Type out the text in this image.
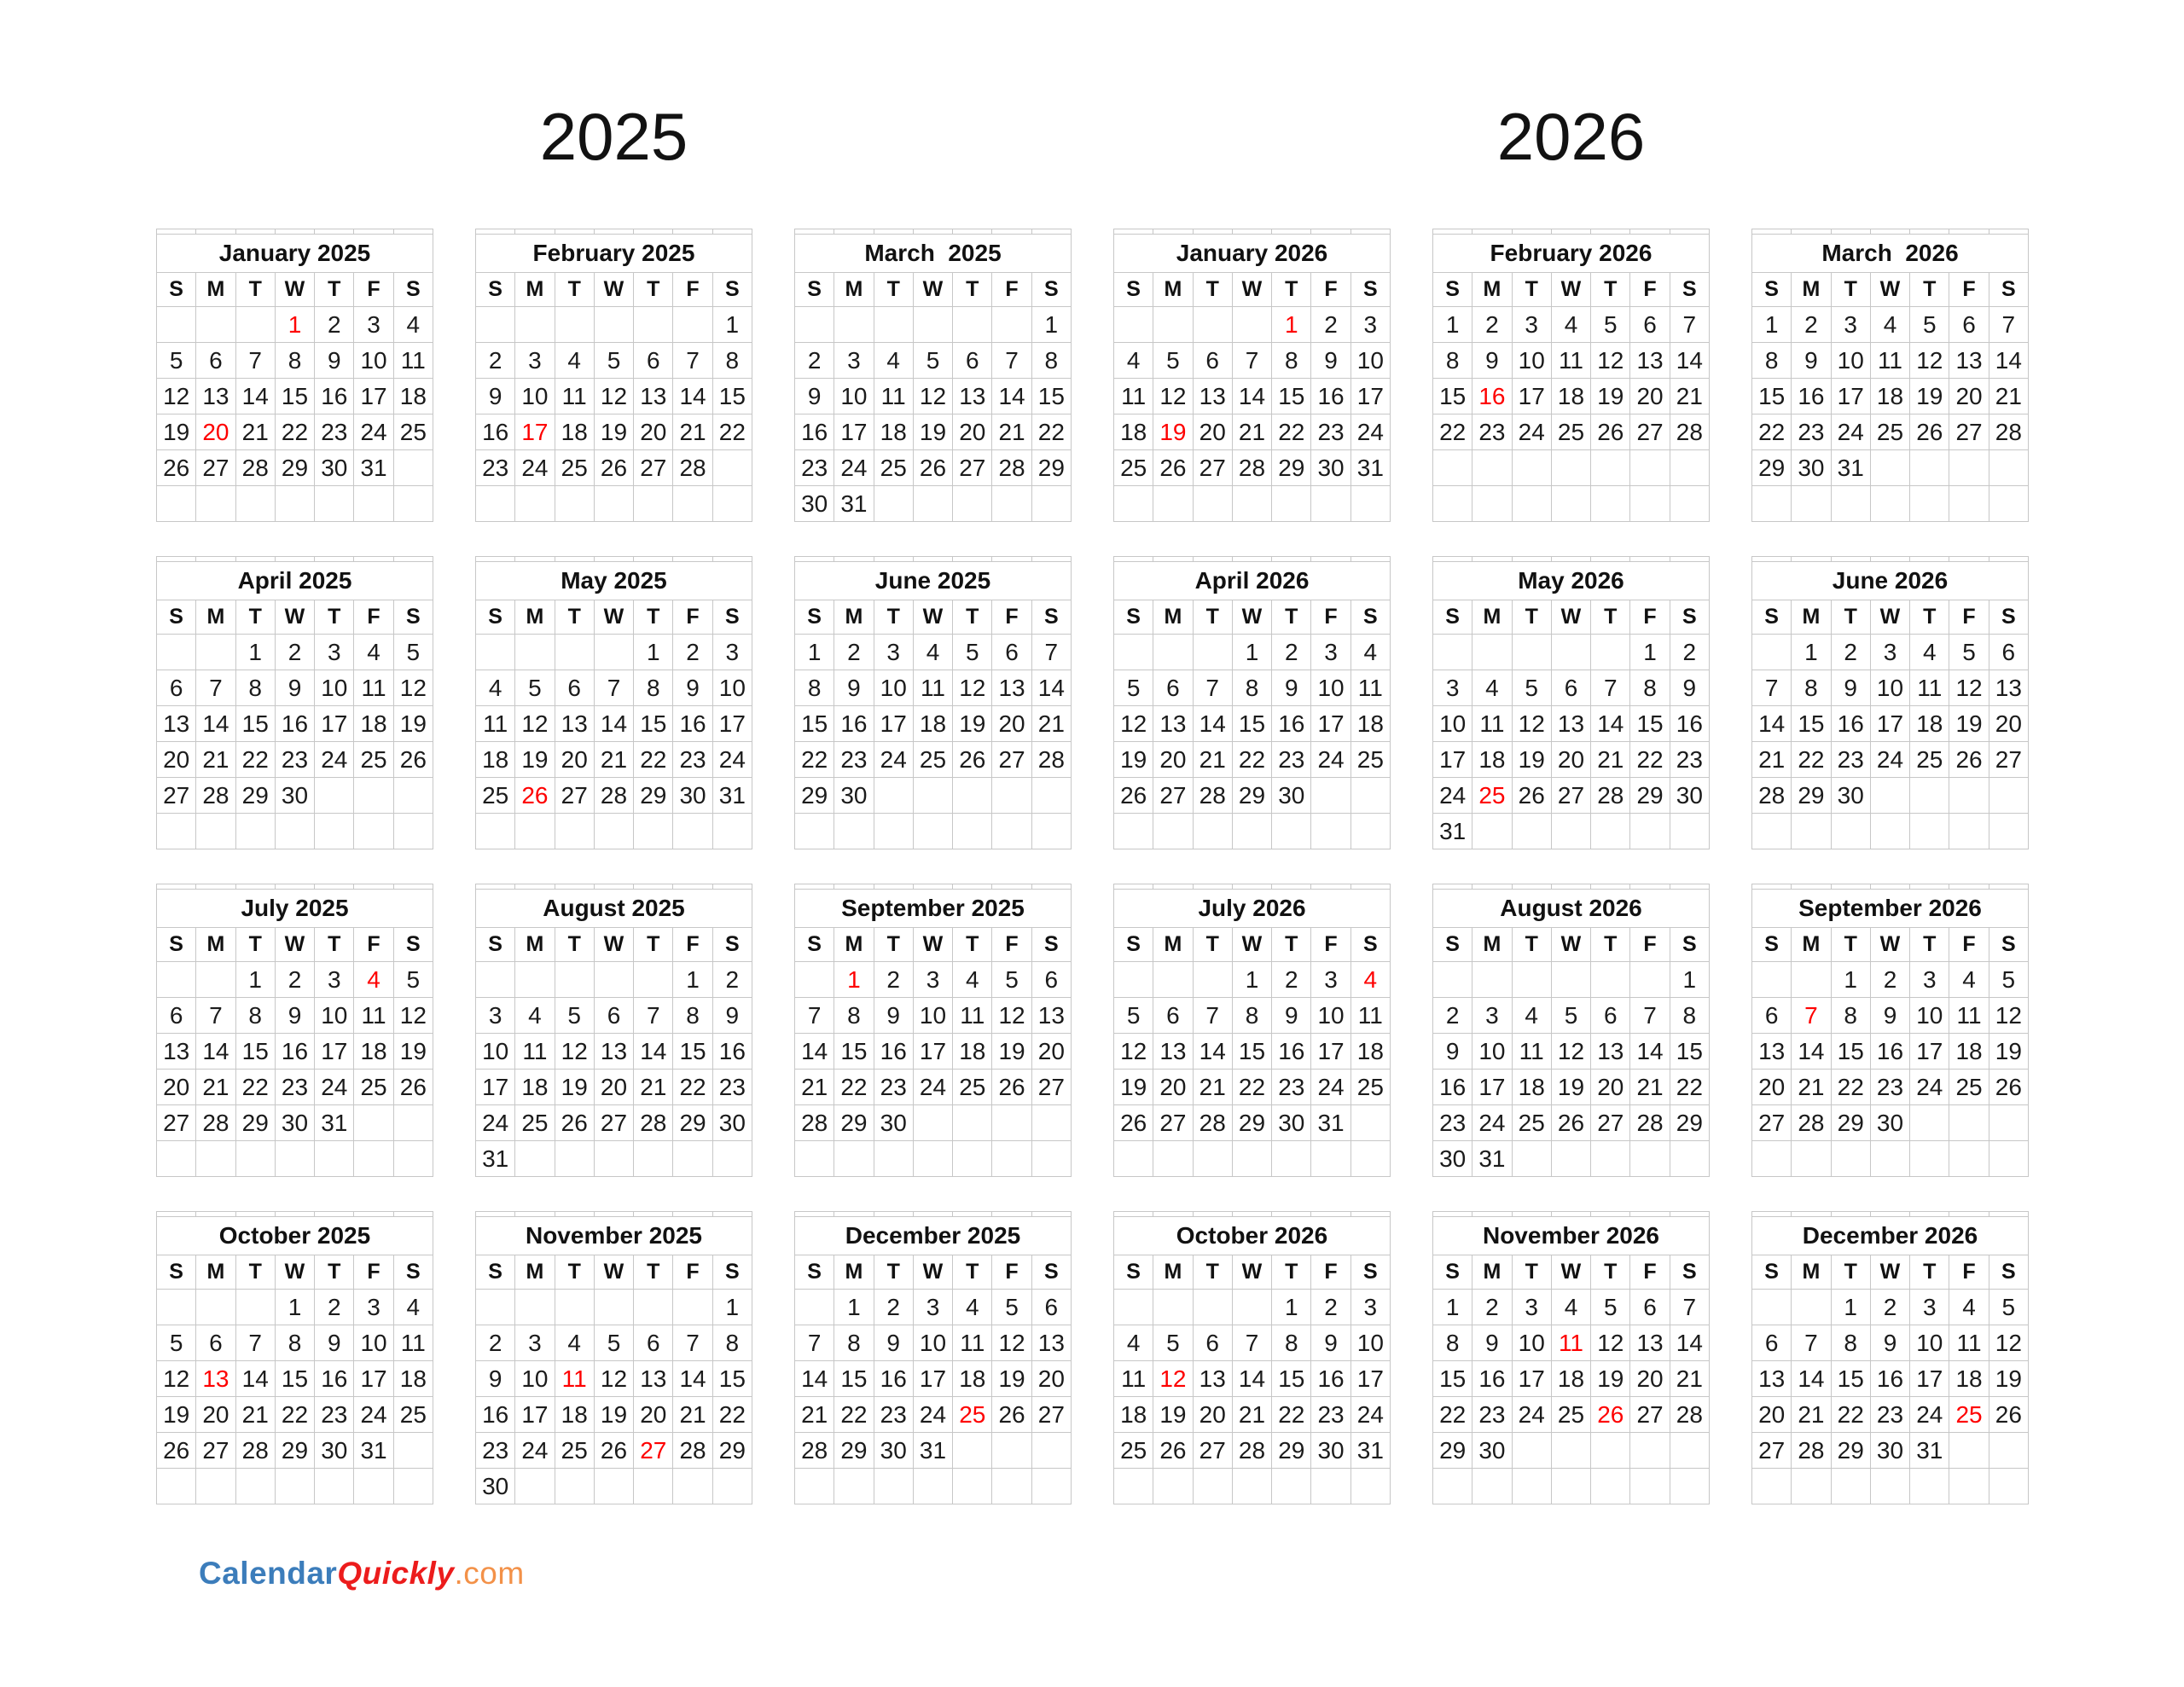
2025	2026

January 2025						
S	M	T	W	T	F	S
			1	2	3	4
5	6	7	8	9	10	11
12	13	14	15	16	17	18
19	20	21	22	23	24	25
26	27	28	29	30	31	

February 2025						
S	M	T	W	T	F	S
						1
2	3	4	5	6	7	8
9	10	11	12	13	14	15
16	17	18	19	20	21	22
23	24	25	26	27	28	

March  2025						
S	M	T	W	T	F	S
						1
2	3	4	5	6	7	8
9	10	11	12	13	14	15
16	17	18	19	20	21	22
23	24	25	26	27	28	29
30	31					

January 2026						
S	M	T	W	T	F	S
				1	2	3
4	5	6	7	8	9	10
11	12	13	14	15	16	17
18	19	20	21	22	23	24
25	26	27	28	29	30	31

February 2026						
S	M	T	W	T	F	S
1	2	3	4	5	6	7
8	9	10	11	12	13	14
15	16	17	18	19	20	21
22	23	24	25	26	27	28

March  2026						
S	M	T	W	T	F	S
1	2	3	4	5	6	7
8	9	10	11	12	13	14
15	16	17	18	19	20	21
22	23	24	25	26	27	28
29	30	31				

April 2025						
S	M	T	W	T	F	S
		1	2	3	4	5
6	7	8	9	10	11	12
13	14	15	16	17	18	19
20	21	22	23	24	25	26
27	28	29	30			

May 2025						
S	M	T	W	T	F	S
				1	2	3
4	5	6	7	8	9	10
11	12	13	14	15	16	17
18	19	20	21	22	23	24
25	26	27	28	29	30	31

June 2025						
S	M	T	W	T	F	S
1	2	3	4	5	6	7
8	9	10	11	12	13	14
15	16	17	18	19	20	21
22	23	24	25	26	27	28
29	30					

April 2026						
S	M	T	W	T	F	S
			1	2	3	4
5	6	7	8	9	10	11
12	13	14	15	16	17	18
19	20	21	22	23	24	25
26	27	28	29	30		

May 2026						
S	M	T	W	T	F	S
					1	2
3	4	5	6	7	8	9
10	11	12	13	14	15	16
17	18	19	20	21	22	23
24	25	26	27	28	29	30
31						

June 2026						
S	M	T	W	T	F	S
	1	2	3	4	5	6
7	8	9	10	11	12	13
14	15	16	17	18	19	20
21	22	23	24	25	26	27
28	29	30				

July 2025						
S	M	T	W	T	F	S
		1	2	3	4	5
6	7	8	9	10	11	12
13	14	15	16	17	18	19
20	21	22	23	24	25	26
27	28	29	30	31		

August 2025						
S	M	T	W	T	F	S
					1	2
3	4	5	6	7	8	9
10	11	12	13	14	15	16
17	18	19	20	21	22	23
24	25	26	27	28	29	30
31						

September 2025						
S	M	T	W	T	F	S
	1	2	3	4	5	6
7	8	9	10	11	12	13
14	15	16	17	18	19	20
21	22	23	24	25	26	27
28	29	30				

July 2026						
S	M	T	W	T	F	S
			1	2	3	4
5	6	7	8	9	10	11
12	13	14	15	16	17	18
19	20	21	22	23	24	25
26	27	28	29	30	31	

August 2026						
S	M	T	W	T	F	S
						1
2	3	4	5	6	7	8
9	10	11	12	13	14	15
16	17	18	19	20	21	22
23	24	25	26	27	28	29
30	31					

September 2026						
S	M	T	W	T	F	S
		1	2	3	4	5
6	7	8	9	10	11	12
13	14	15	16	17	18	19
20	21	22	23	24	25	26
27	28	29	30			

October 2025						
S	M	T	W	T	F	S
			1	2	3	4
5	6	7	8	9	10	11
12	13	14	15	16	17	18
19	20	21	22	23	24	25
26	27	28	29	30	31	

November 2025						
S	M	T	W	T	F	S
						1
2	3	4	5	6	7	8
9	10	11	12	13	14	15
16	17	18	19	20	21	22
23	24	25	26	27	28	29
30						

December 2025						
S	M	T	W	T	F	S
	1	2	3	4	5	6
7	8	9	10	11	12	13
14	15	16	17	18	19	20
21	22	23	24	25	26	27
28	29	30	31			

October 2026						
S	M	T	W	T	F	S
				1	2	3
4	5	6	7	8	9	10
11	12	13	14	15	16	17
18	19	20	21	22	23	24
25	26	27	28	29	30	31

November 2026						
S	M	T	W	T	F	S
1	2	3	4	5	6	7
8	9	10	11	12	13	14
15	16	17	18	19	20	21
22	23	24	25	26	27	28
29	30					

December 2026						
S	M	T	W	T	F	S
		1	2	3	4	5
6	7	8	9	10	11	12
13	14	15	16	17	18	19
20	21	22	23	24	25	26
27	28	29	30	31		

CalendarQuickly.com
